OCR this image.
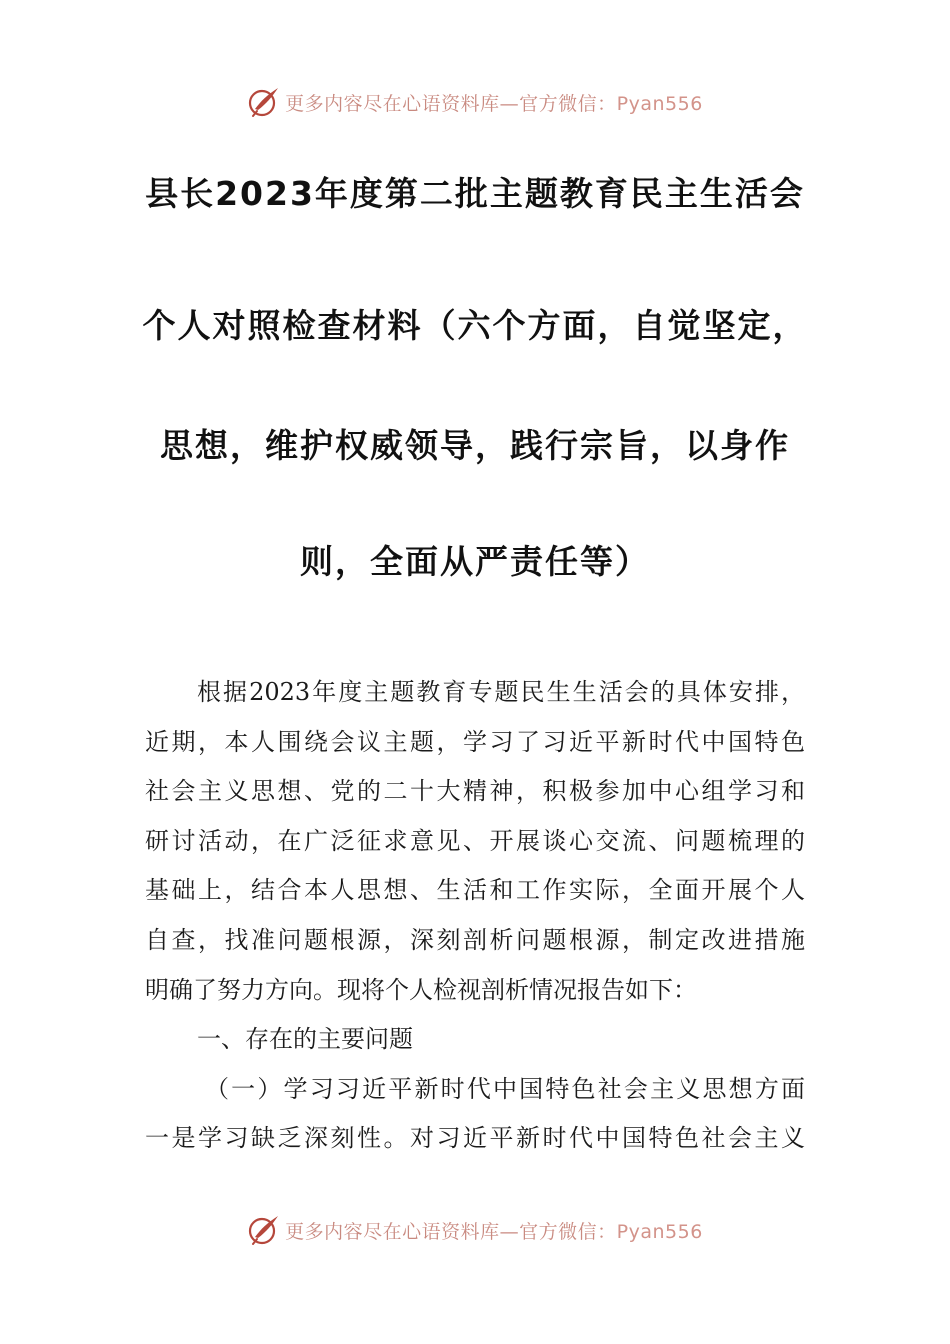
更多内容尽在心语资料库—官方微信：Pyan556
县长2023年度第二批主题教育民主生活会
个人对照检查材料（六个方面，自觉坚定，
思想，维护权威领导，践行宗旨，以身作
则，全面从严责任等）
根据2023年度主题教育专题民生生活会的具体安排，
近期，本人围绕会议主题，学习了习近平新时代中国特色
社会主义思想、党的二十大精神，积极参加中心组学习和
研讨活动，在广泛征求意见、开展谈心交流、问题梳理的
基础上，结合本人思想、生活和工作实际，全面开展个人
自查，找准问题根源，深刻剖析问题根源，制定改进措施
明确了努力方向。现将个人检视剖析情况报告如下：
一、存在的主要问题
（一）学习习近平新时代中国特色社会主义思想方面
一是学习缺乏深刻性。对习近平新时代中国特色社会主义
更多内容尽在心语资料库—官方微信：Pyan556
